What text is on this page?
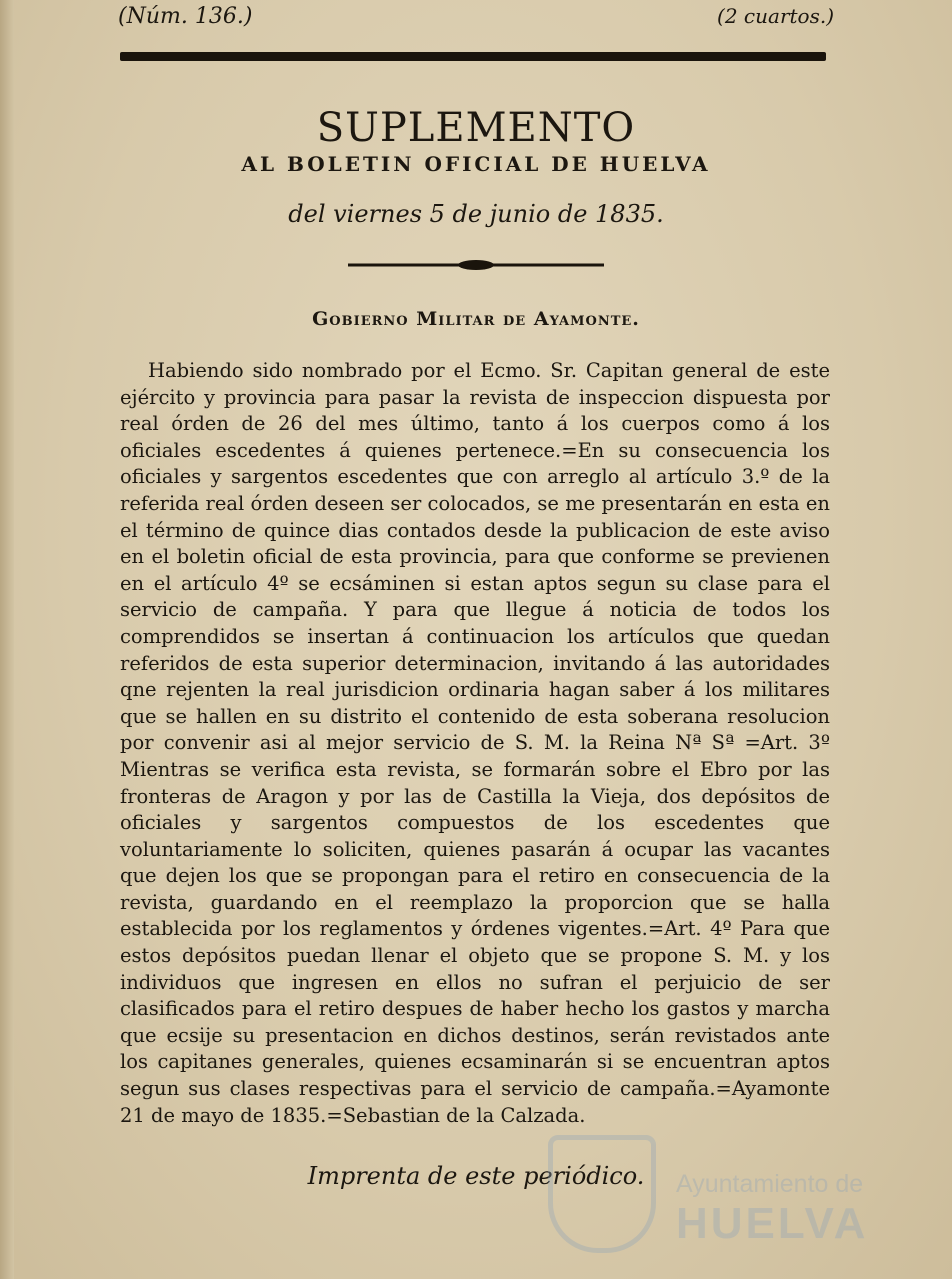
(Núm. 136.)	(2 cuartos.)
SUPLEMENTO
AL BOLETIN OFICIAL DE HUELVA
del viernes 5 de junio de 1835.
Gobierno Militar de Ayamonte.

Habiendo sido nombrado por el Ecmo. Sr. Capitan general de este ejército y provincia para pasar la revista de inspeccion dispuesta por real órden de 26 del mes último, tanto á los cuerpos como á los oficiales escedentes á quienes pertenece.=En su consecuencia los oficiales y sargentos escedentes que con arreglo al artículo 3.º de la referida real órden deseen ser colocados, se me presentarán en esta en el término de quince dias contados desde la publicacion de este aviso en el boletin oficial de esta provincia, para que conforme se previenen en el artículo 4º se ecsáminen si estan aptos segun su clase para el servicio de campaña. Y para que llegue á noticia de todos los comprendidos se insertan á continuacion los artículos que quedan referidos de esta superior determinacion, invitando á las autoridades qne rejenten la real jurisdicion ordinaria hagan saber á los militares que se hallen en su distrito el contenido de esta soberana resolucion por convenir asi al mejor servicio de S. M. la Reina Nª Sª =Art. 3º Mientras se verifica esta revista, se formarán sobre el Ebro por las fronteras de Aragon y por las de Castilla la Vieja, dos depósitos de oficiales y sargentos compuestos de los escedentes que voluntariamente lo soliciten, quienes pasarán á ocupar las vacantes que dejen los que se propongan para el retiro en consecuencia de la revista, guardando en el reemplazo la proporcion que se halla establecida por los reglamentos y órdenes vigentes.=Art. 4º Para que estos depósitos puedan llenar el objeto que se propone S. M. y los individuos que ingresen en ellos no sufran el perjuicio de ser clasificados para el retiro despues de haber hecho los gastos y marcha que ecsije su presentacion en dichos destinos, serán revistados ante los capitanes generales, quienes ecsaminarán si se encuentran aptos segun sus clases respectivas para el servicio de campaña.=Ayamonte 21 de mayo de 1835.=Sebastian de la Calzada.

Imprenta de este periódico.	Ayuntamiento de
HUELVA
